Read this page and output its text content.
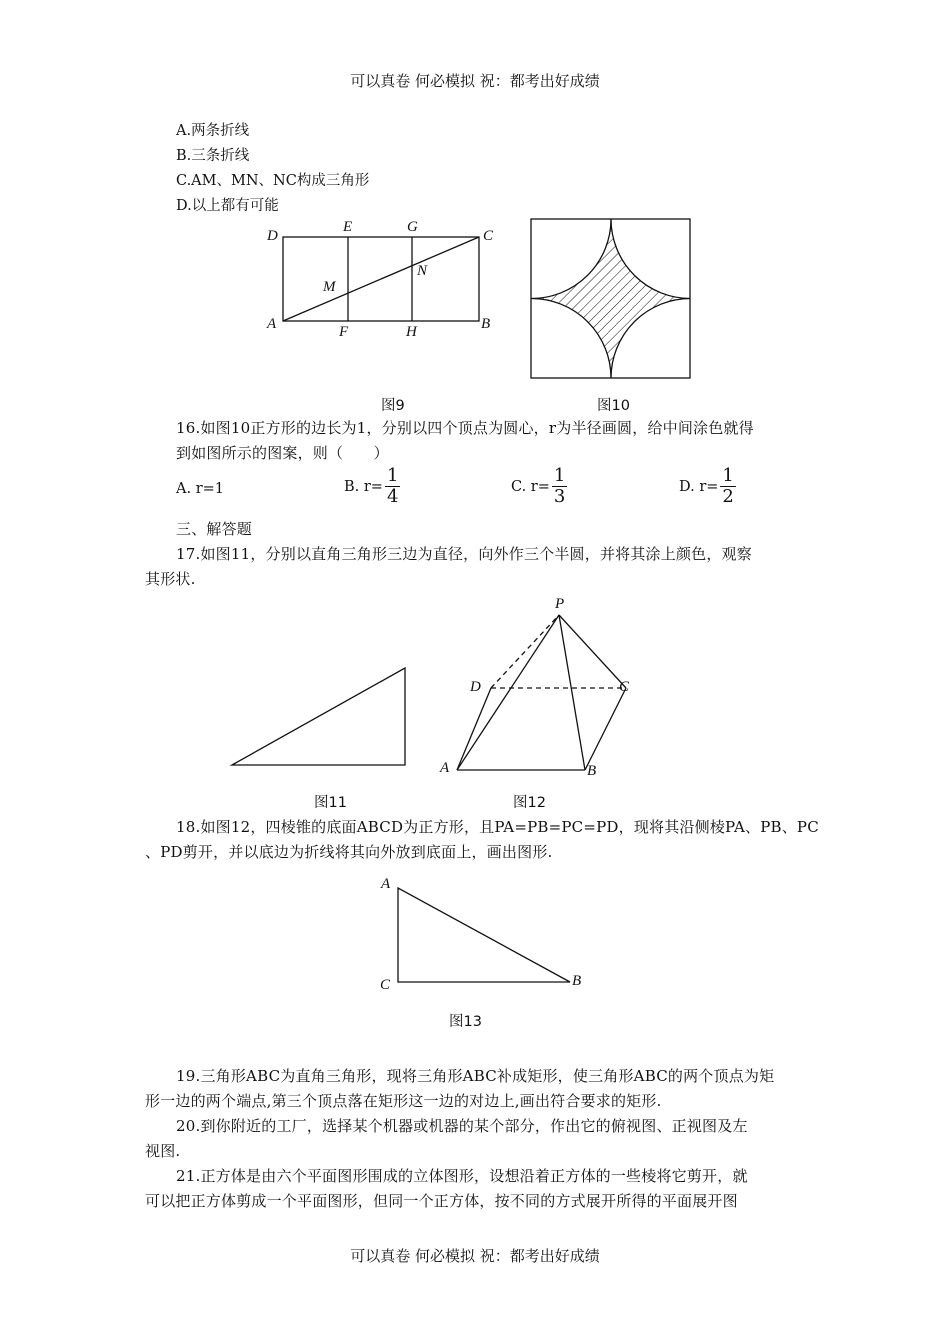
可以真卷 何必模拟 祝：都考出好成绩
A.两条折线
B.三条折线
C.AM、MN、NC构成三角形
D.以上都有可能
D
E	G
C
M
N
A	F	H	B
图9	图10
16.如图10正方形的边长为1，分别以四个顶点为圆心，r为半径画圆，给中间涂色就得
到如图所示的图案，则（　　）
A. r=1	B. $r= \frac{1}{4}$	C. $r= \frac{1}{3}$	D. $r= \frac{1}{2}$
三、解答题
17.如图11，分别以直角三角形三边为直径，向外作三个半圆，并将其涂上颜色，观察
其形状.
P
D	C
A	B
图11	图12
18.如图12，四棱锥的底面ABCD为正方形，且PA=PB=PC=PD，现将其沿侧棱PA、PB、PC
、PD剪开，并以底边为折线将其向外放到底面上，画出图形.
A
C	B
图13
19.三角形ABC为直角三角形，现将三角形ABC补成矩形，使三角形ABC的两个顶点为矩
形一边的两个端点,第三个顶点落在矩形这一边的对边上,画出符合要求的矩形.
20.到你附近的工厂，选择某个机器或机器的某个部分，作出它的俯视图、正视图及左
视图.
21.正方体是由六个平面图形围成的立体图形，设想沿着正方体的一些棱将它剪开，就
可以把正方体剪成一个平面图形，但同一个正方体，按不同的方式展开所得的平面展开图
可以真卷 何必模拟 祝：都考出好成绩
